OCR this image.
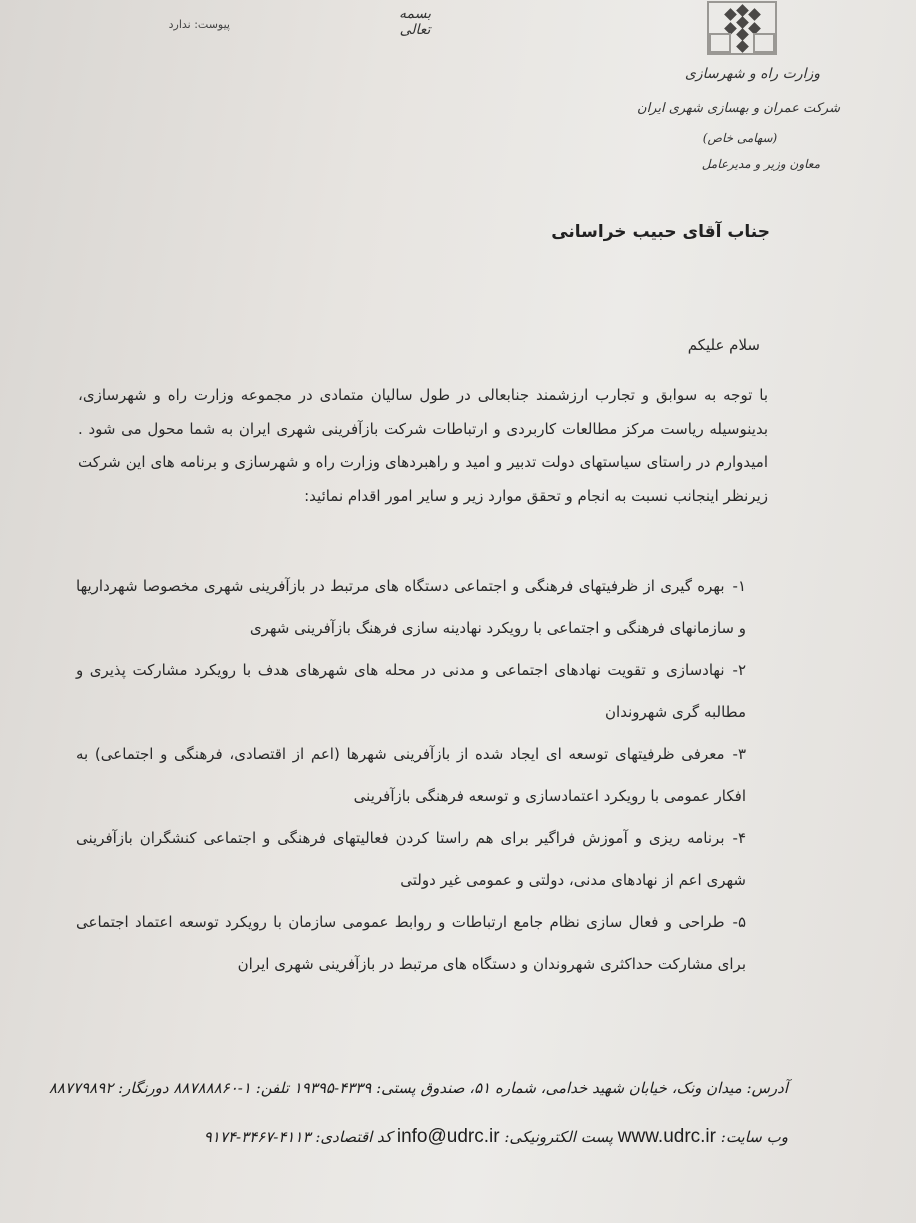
وزارت راه و شهرسازی
شرکت عمران و بهسازی شهری ایران
(سهامی خاص)
معاون وزیر و مدیرعامل
بسمه تعالی
پیوست: ندارد
جناب آقای حبیب خراسانی
سلام علیکم
با توجه به سوابق و تجارب ارزشمند جنابعالی در طول سالیان متمادی در مجموعه وزارت راه و شهرسازی، بدینوسیله ریاست مرکز مطالعات کاربردی و ارتباطات شرکت بازآفرینی شهری ایران به شما محول می شود . امیدوارم در راستای سیاستهای دولت تدبیر و امید و راهبردهای وزارت راه و شهرسازی و برنامه های این شرکت زیرنظر اینجانب نسبت به انجام و تحقق موارد زیر و سایر امور اقدام نمائید:
۱-بهره گیری از ظرفیتهای فرهنگی و اجتماعی دستگاه های مرتبط در بازآفرینی شهری مخصوصا شهرداریها و سازمانهای فرهنگی و اجتماعی با رویکرد نهادینه سازی فرهنگ بازآفرینی شهری
۲-نهادسازی و تقویت نهادهای اجتماعی و مدنی در محله های شهرهای هدف با رویکرد مشارکت پذیری و مطالبه گری شهروندان
۳-معرفی ظرفیتهای توسعه ای ایجاد شده از بازآفرینی شهرها (اعم از اقتصادی، فرهنگی و اجتماعی) به افکار عمومی با رویکرد اعتمادسازی و توسعه فرهنگی بازآفرینی
۴-برنامه ریزی و آموزش فراگیر برای هم راستا کردن فعالیتهای فرهنگی و اجتماعی کنشگران بازآفرینی شهری اعم از نهادهای مدنی، دولتی و عمومی غیر دولتی
۵-طراحی و فعال سازی نظام جامع ارتباطات و روابط عمومی سازمان با رویکرد توسعه اعتماد اجتماعی برای مشارکت حداکثری شهروندان و دستگاه های مرتبط در بازآفرینی شهری ایران
آدرس: میدان ونک، خیابان شهید خدامی، شماره ۵۱، صندوق پستی: ۴۳۳۹-۱۹۳۹۵ تلفن: ۱-۸۸۷۸۸۸۶۰ دورنگار: ۸۸۷۷۹۸۹۲
وب سایت: www.udrc.ir پست الکترونیکی: info@udrc.ir کد اقتصادی: ۴۱۱۳-۳۴۶۷-۹۱۷۴
